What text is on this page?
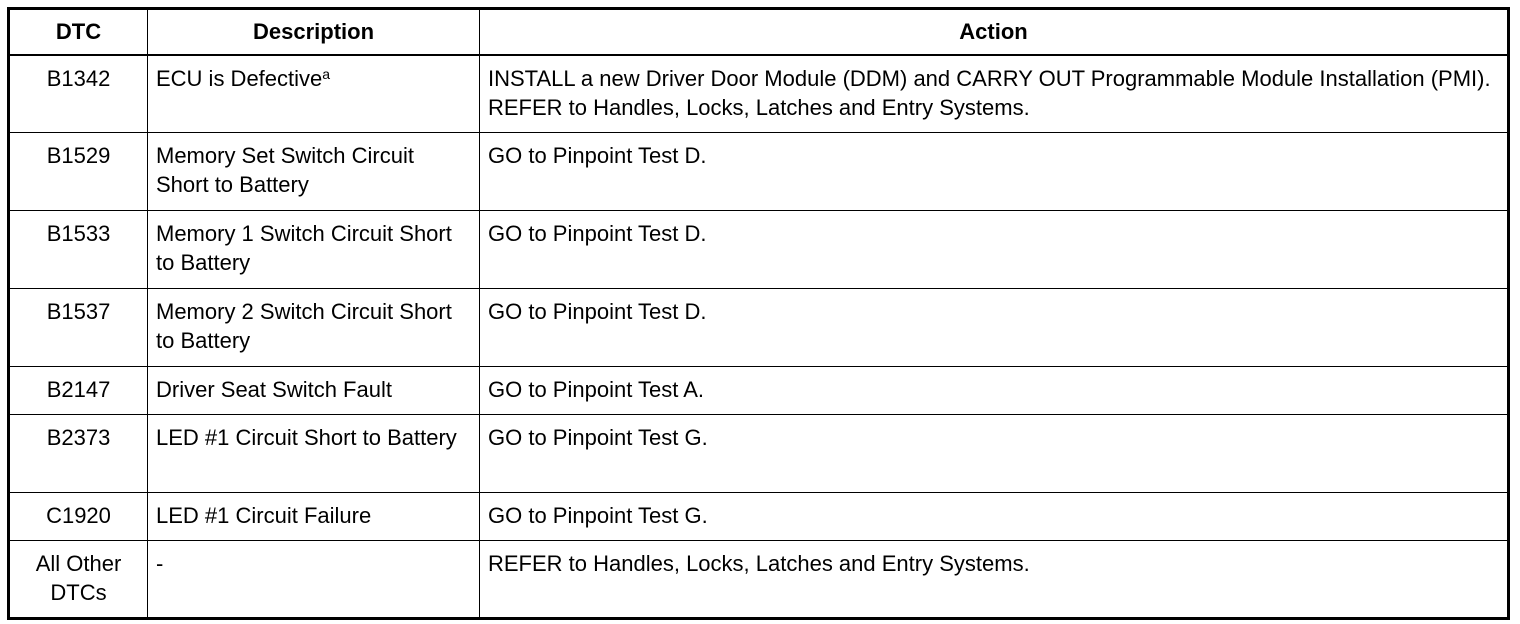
DTC	Description	Action
B1342	ECU is Defective$^a$	INSTALL a new Driver Door Module (DDM) and CARRY OUT Programmable Module Installation (PMI). REFER to Handles, Locks, Latches and Entry Systems.
B1529	Memory Set Switch Circuit Short to Battery	GO to Pinpoint Test D.
B1533	Memory 1 Switch Circuit Short to Battery	GO to Pinpoint Test D.
B1537	Memory 2 Switch Circuit Short to Battery	GO to Pinpoint Test D.
B2147	Driver Seat Switch Fault	GO to Pinpoint Test A.
B2373	LED #1 Circuit Short to Battery	GO to Pinpoint Test G.
C1920	LED #1 Circuit Failure	GO to Pinpoint Test G.
All Other DTCs	-	REFER to Handles, Locks, Latches and Entry Systems.
